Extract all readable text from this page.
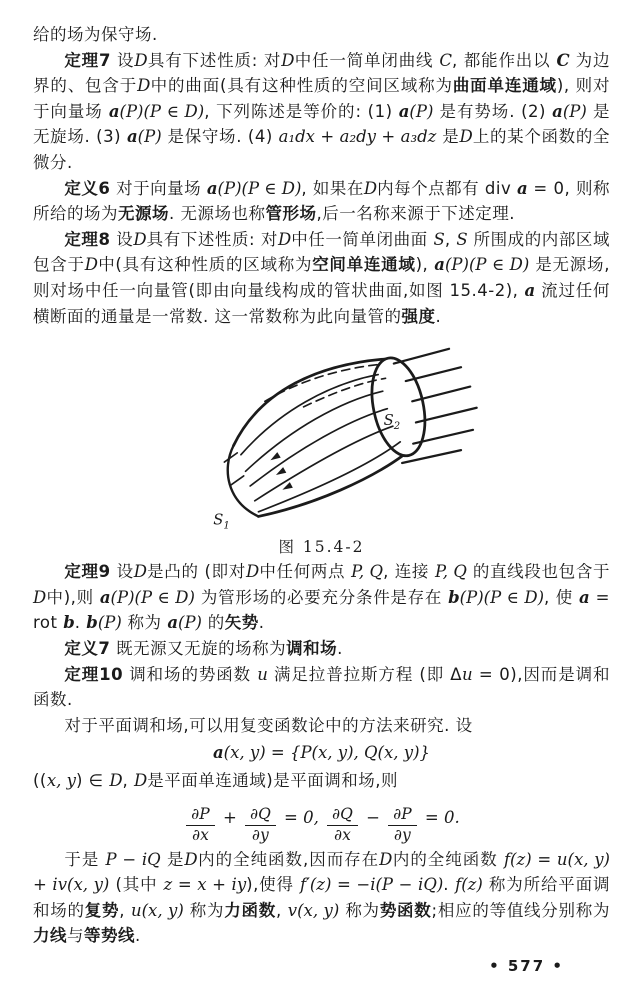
给的场为保守场.

定理7 设D具有下述性质: 对D中任一简单闭曲线 C, 都能作出以 C 为边界的、包含于D中的曲面(具有这种性质的空间区域称为曲面单连通域), 则对于向量场 a(P)(P ∈ D), 下列陈述是等价的: (1) a(P) 是有势场. (2) a(P) 是无旋场. (3) a(P) 是保守场. (4) a₁dx + a₂dy + a₃dz 是D上的某个函数的全微分.

定义6 对于向量场 a(P)(P ∈ D), 如果在D内每个点都有 div a = 0, 则称所给的场为无源场. 无源场也称管形场,后一名称来源于下述定理.

定理8 设D具有下述性质: 对D中任一简单闭曲面 S, S 所围成的内部区域包含于D中(具有这种性质的区域称为空间单连通域), a(P)(P ∈ D) 是无源场,则对场中任一向量管(即由向量线构成的管状曲面,如图 15.4-2), a 流过任何横断面的通量是一常数. 这一常数称为此向量管的强度.

$S_1$
$S_2$
图 15.4-2

定理9 设D是凸的 (即对D中任何两点 P, Q, 连接 P, Q 的直线段也包含于D中),则 a(P)(P ∈ D) 为管形场的必要充分条件是存在 b(P)(P ∈ D), 使 a = rot b. b(P) 称为 a(P) 的矢势.

定义7 既无源又无旋的场称为调和场.

定理10 调和场的势函数 u 满足拉普拉斯方程 (即 Δu = 0),因而是调和函数.

对于平面调和场,可以用复变函数论中的方法来研究. 设

a(x, y) = {P(x, y), Q(x, y)}

((x, y) ∈ D, D是平面单连通域)是平面调和场,则

$\frac{\partial P}{\partial x} + \frac{\partial Q}{\partial y} = 0$, $\frac{\partial Q}{\partial x} - \frac{\partial P}{\partial y} = 0$.

于是 P − iQ 是D内的全纯函数,因而存在D内的全纯函数 f(z) = u(x, y) + iv(x, y) (其中 z = x + iy),使得 f′(z) = −i(P − iQ). f(z) 称为所给平面调和场的复势, u(x, y) 称为力函数, v(x, y) 称为势函数;相应的等值线分别称为力线与等势线.

• 577 •
